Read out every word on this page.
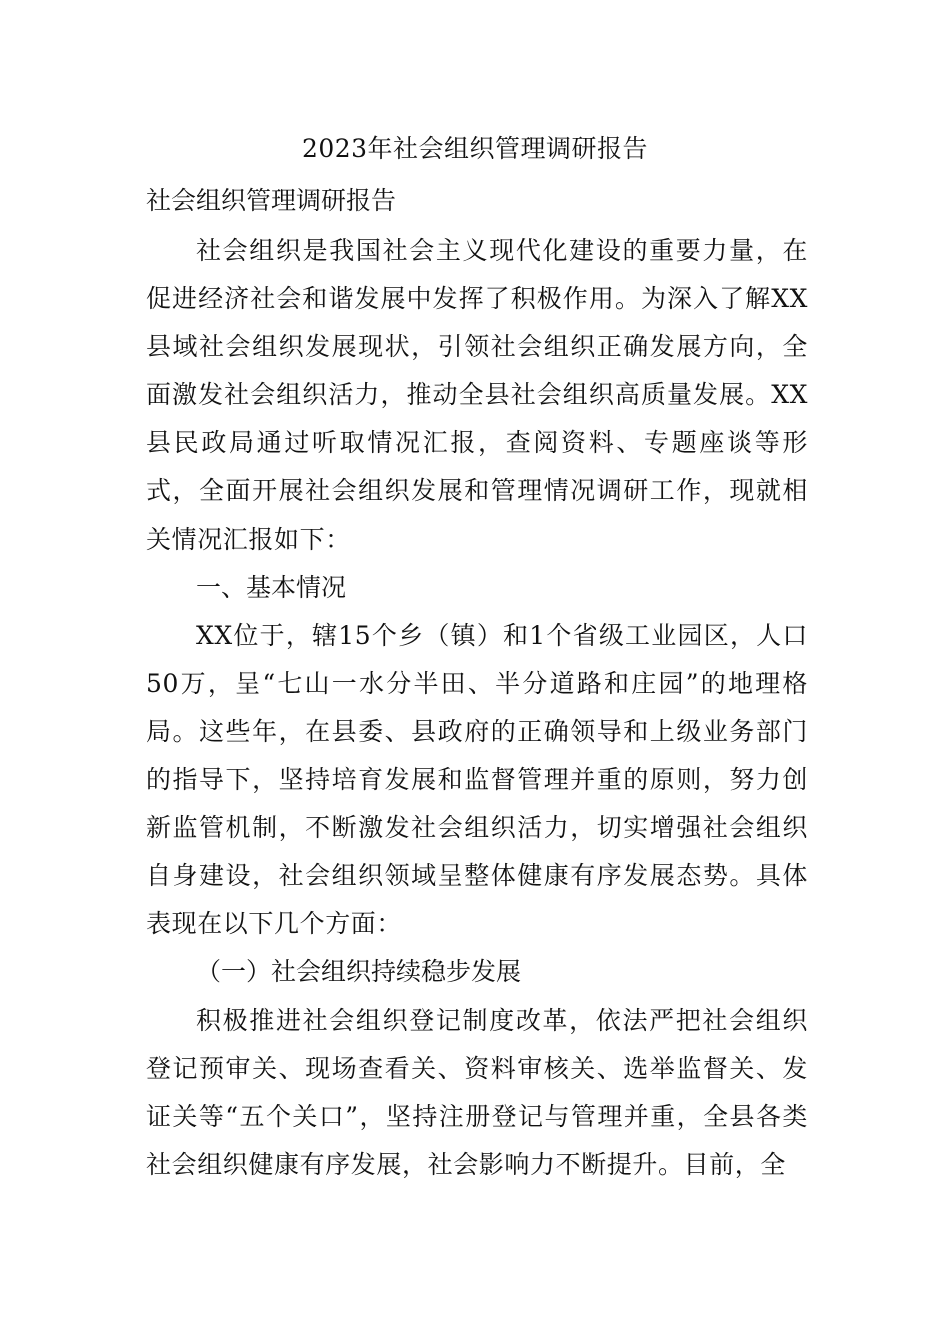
2023年社会组织管理调研报告
社会组织管理调研报告

社会组织是我国社会主义现代化建设的重要力量，在促进经济社会和谐发展中发挥了积极作用。为深入了解XX县域社会组织发展现状，引领社会组织正确发展方向，全面激发社会组织活力，推动全县社会组织高质量发展。XX县民政局通过听取情况汇报，查阅资料、专题座谈等形式，全面开展社会组织发展和管理情况调研工作，现就相关情况汇报如下：

一、基本情况

XX位于，辖15个乡（镇）和1个省级工业园区，人口50万，呈“七山一水分半田、半分道路和庄园”的地理格局。这些年，在县委、县政府的正确领导和上级业务部门的指导下，坚持培育发展和监督管理并重的原则，努力创新监管机制，不断激发社会组织活力，切实增强社会组织自身建设，社会组织领域呈整体健康有序发展态势。具体表现在以下几个方面：

（一）社会组织持续稳步发展

积极推进社会组织登记制度改革，依法严把社会组织登记预审关、现场查看关、资料审核关、选举监督关、发证关等“五个关口”，坚持注册登记与管理并重，全县各类社会组织健康有序发展，社会影响力不断提升。目前，全
